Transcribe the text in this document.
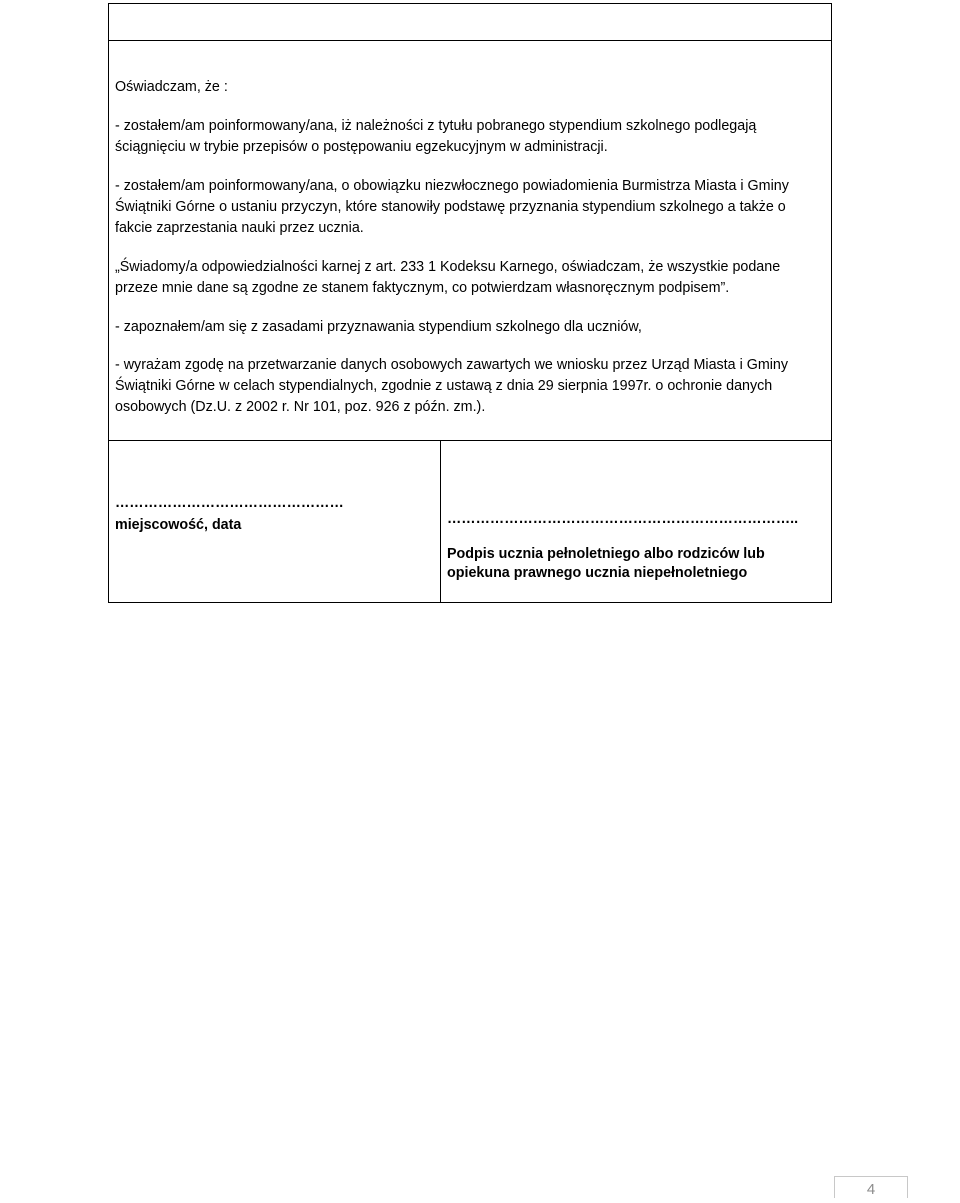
Oświadczam, że :

- zostałem/am poinformowany/ana, iż należności z tytułu pobranego stypendium szkolnego podlegają ściągnięciu w trybie przepisów o postępowaniu egzekucyjnym w administracji.

- zostałem/am poinformowany/ana, o obowiązku niezwłocznego powiadomienia Burmistrza Miasta i Gminy Świątniki Górne o ustaniu przyczyn, które stanowiły podstawę przyznania stypendium szkolnego a także o fakcie zaprzestania nauki przez ucznia.

„Świadomy/a odpowiedzialności karnej z art. 233 1 Kodeksu Karnego, oświadczam, że wszystkie podane przeze mnie dane są zgodne ze stanem faktycznym, co potwierdzam własnoręcznym podpisem”.

- zapoznałem/am się z zasadami przyznawania stypendium szkolnego dla uczniów,

- wyrażam zgodę na przetwarzanie danych osobowych zawartych we wniosku przez Urząd Miasta i Gminy Świątniki Górne w celach stypendialnych, zgodnie z ustawą z dnia 29 sierpnia 1997r. o ochronie danych osobowych (Dz.U. z 2002 r. Nr 101, poz. 926 z późn. zm.).

…………………………………………
miejscowość, data	………………………………………………………………..
Podpis ucznia pełnoletniego albo rodziców lub opiekuna prawnego ucznia niepełnoletniego
4
